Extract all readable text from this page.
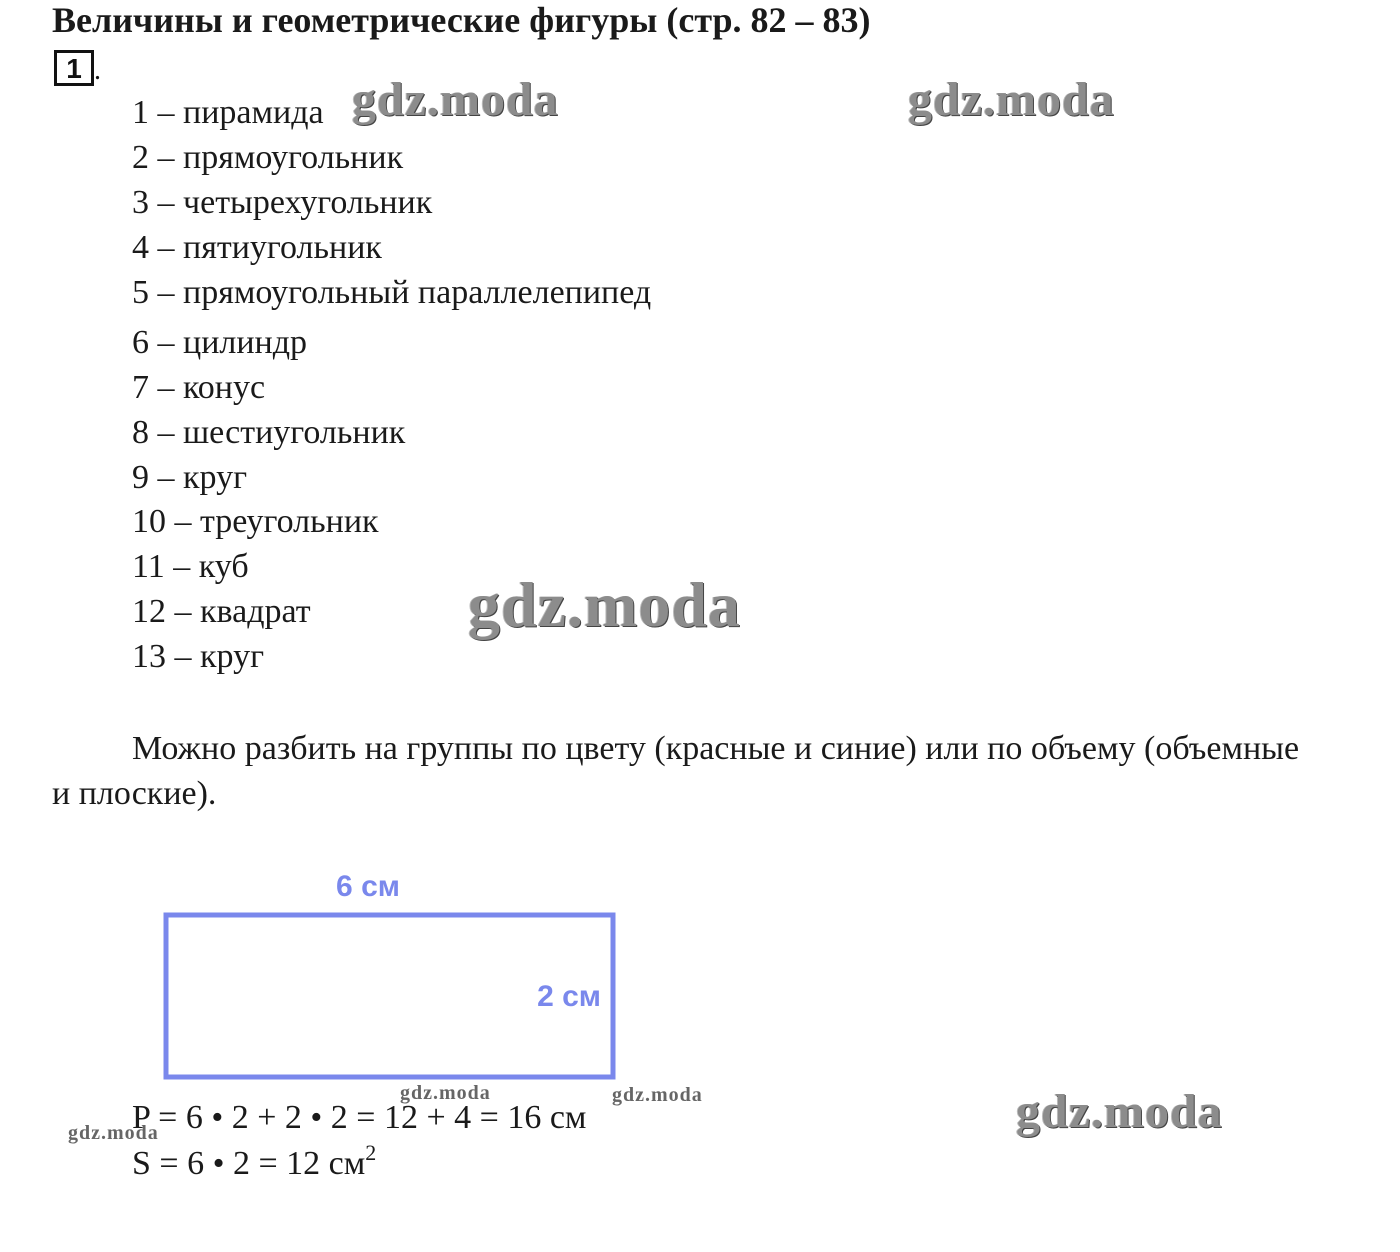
Величины и геометрические фигуры (стр. 82 – 83)
1 .
1 – пирамида
2 – прямоугольник
3 – четырехугольник
4 – пятиугольник
5 – прямоугольный параллелепипед
6 – цилиндр
7 – конус
8 – шестиугольник
9 – круг
10 – треугольник
11 – куб
12 – квадрат
13 – круг
Можно разбить на группы по цвету (красные и синие) или по объему (объемные и плоские).
6 см
2 см
P = 6 • 2 + 2 • 2 = 12 + 4 = 16 см
S = 6 • 2 = 12 $см^2$
gdz.moda	gdz.moda
gdz.moda
gdz.moda
gdz.moda	gdz.moda
gdz.moda
